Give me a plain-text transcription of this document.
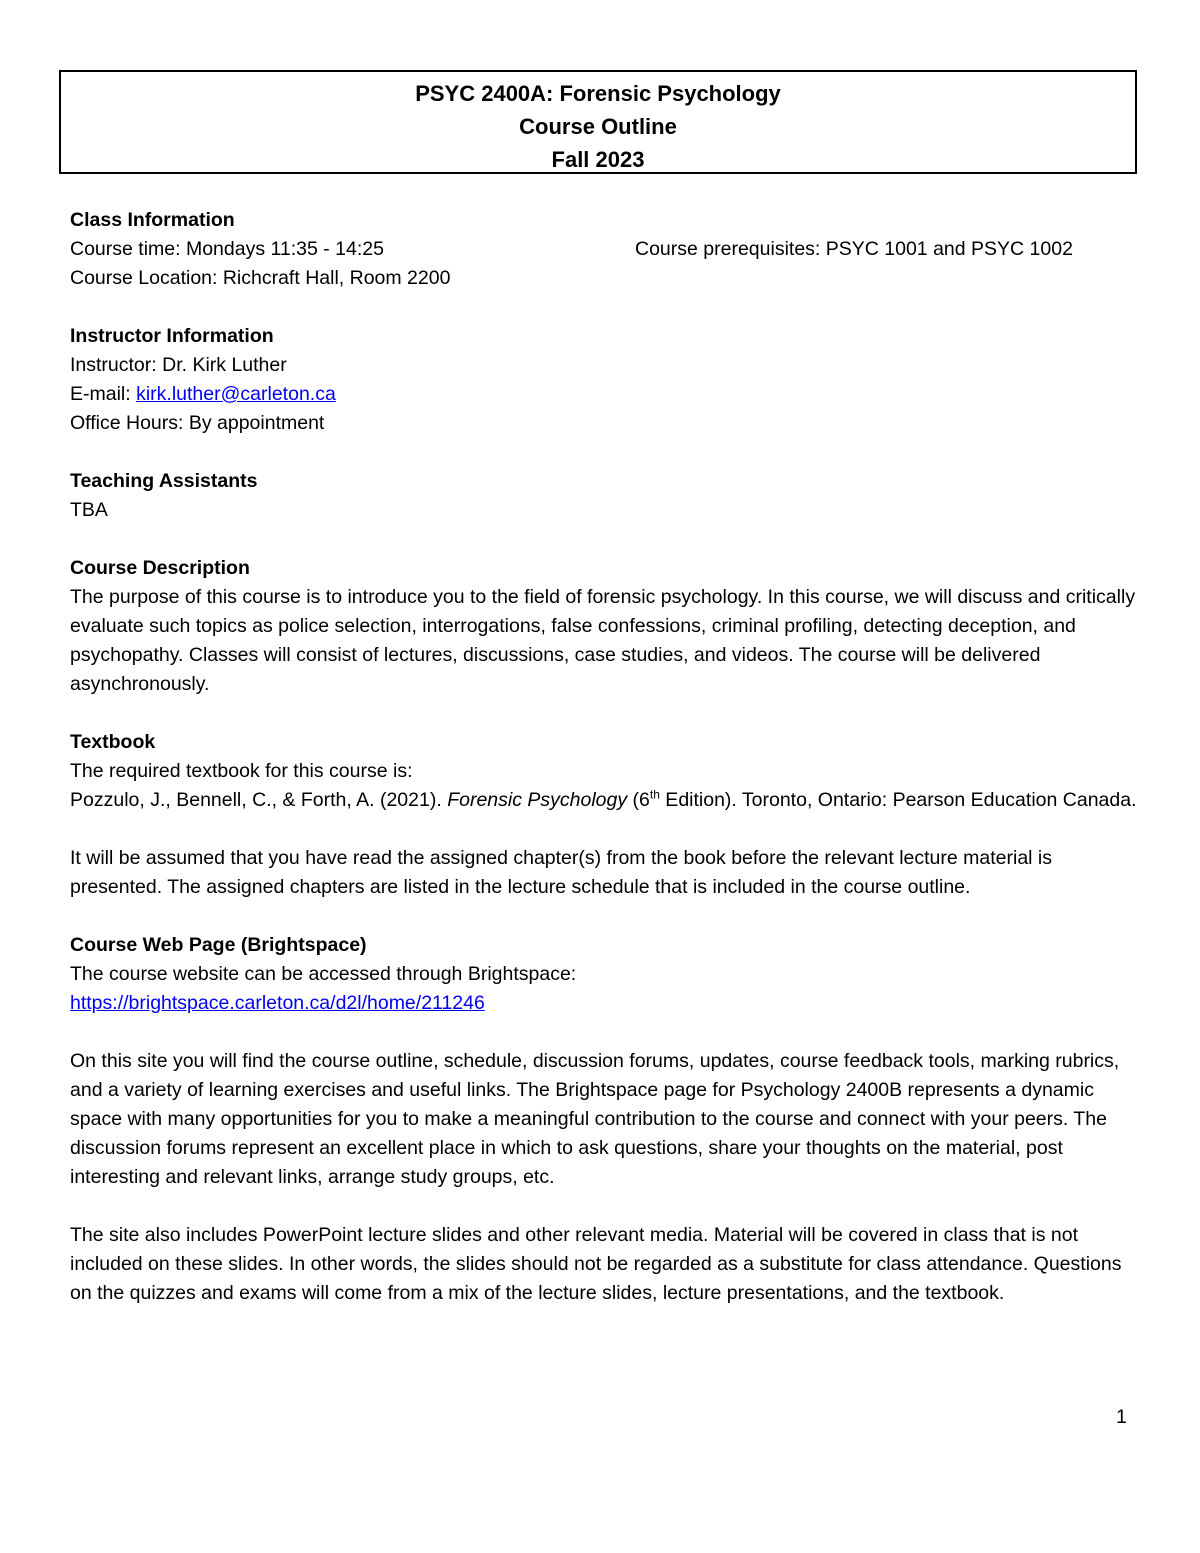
PSYC 2400A: Forensic Psychology
Course Outline
Fall 2023
Class Information
Course time: Mondays 11:35 - 14:25	Course prerequisites: PSYC 1001 and PSYC 1002
Course Location: Richcraft Hall, Room 2200
Instructor Information
Instructor: Dr. Kirk Luther
E-mail: kirk.luther@carleton.ca
Office Hours: By appointment
Teaching Assistants
TBA
Course Description
The purpose of this course is to introduce you to the field of forensic psychology. In this course, we will discuss and critically evaluate such topics as police selection, interrogations, false confessions, criminal profiling, detecting deception, and psychopathy. Classes will consist of lectures, discussions, case studies, and videos. The course will be delivered asynchronously.
Textbook
The required textbook for this course is:
Pozzulo, J., Bennell, C., & Forth, A. (2021). Forensic Psychology (6th Edition). Toronto, Ontario: Pearson Education Canada.
It will be assumed that you have read the assigned chapter(s) from the book before the relevant lecture material is presented. The assigned chapters are listed in the lecture schedule that is included in the course outline.
Course Web Page (Brightspace)
The course website can be accessed through Brightspace:
https://brightspace.carleton.ca/d2l/home/211246
On this site you will find the course outline, schedule, discussion forums, updates, course feedback tools, marking rubrics, and a variety of learning exercises and useful links. The Brightspace page for Psychology 2400B represents a dynamic space with many opportunities for you to make a meaningful contribution to the course and connect with your peers. The discussion forums represent an excellent place in which to ask questions, share your thoughts on the material, post interesting and relevant links, arrange study groups, etc.
The site also includes PowerPoint lecture slides and other relevant media. Material will be covered in class that is not included on these slides. In other words, the slides should not be regarded as a substitute for class attendance. Questions on the quizzes and exams will come from a mix of the lecture slides, lecture presentations, and the textbook.
1
